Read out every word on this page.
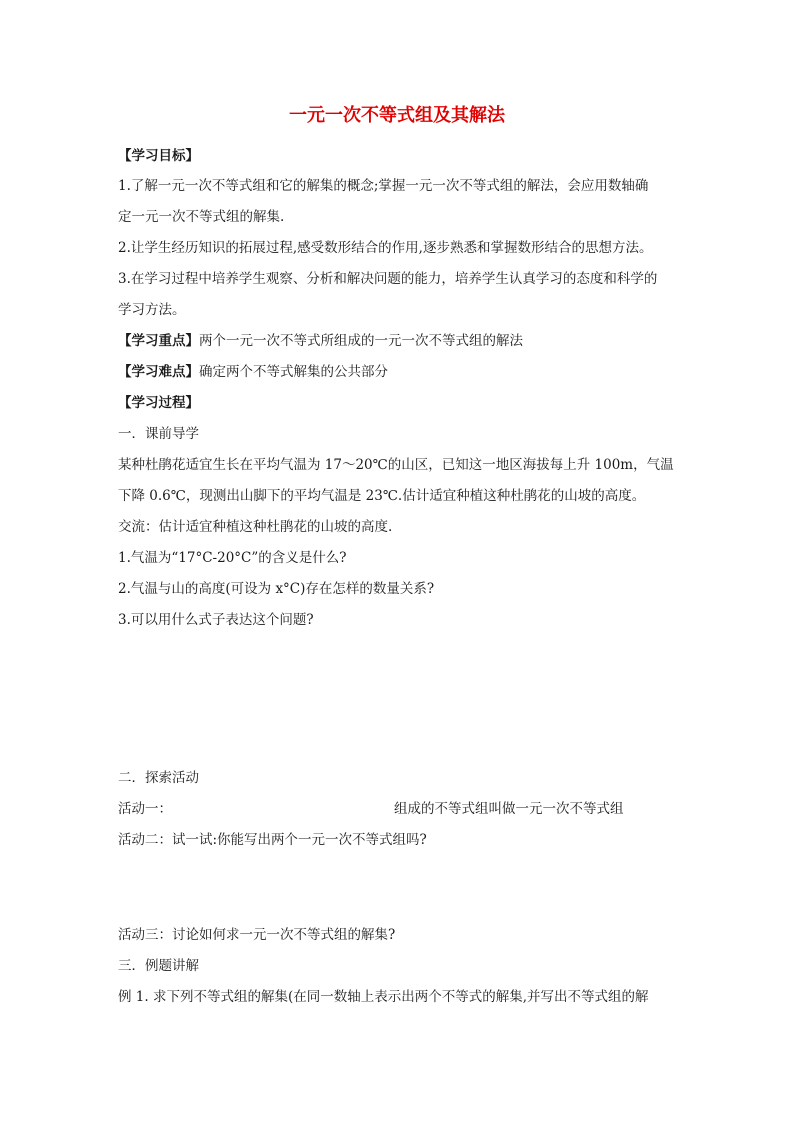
一元一次不等式组及其解法
【学习目标】
1.了解一元一次不等式组和它的解集的概念;掌握一元一次不等式组的解法，会应用数轴确
定一元一次不等式组的解集.
2.让学生经历知识的拓展过程,感受数形结合的作用,逐步熟悉和掌握数形结合的思想方法。
3.在学习过程中培养学生观察、分析和解决问题的能力，培养学生认真学习的态度和科学的
学习方法。
【学习重点】两个一元一次不等式所组成的一元一次不等式组的解法
【学习难点】确定两个不等式解集的公共部分
【学习过程】
一．课前导学
某种杜鹃花适宜生长在平均气温为 17～20℃的山区，已知这一地区海拔每上升 100m，气温
下降 0.6℃，现测出山脚下的平均气温是 23℃.估计适宜种植这种杜鹃花的山坡的高度。
交流：估计适宜种植这种杜鹃花的山坡的高度.
1.气温为“17°C-20°C”的含义是什么?
2.气温与山的高度(可设为 x°C)存在怎样的数量关系?
3.可以用什么式子表达这个问题?
二．探索活动
活动一：	组成的不等式组叫做一元一次不等式组
活动二：试一试:你能写出两个一元一次不等式组吗?
活动三：讨论如何求一元一次不等式组的解集?
三．例题讲解
例 1. 求下列不等式组的解集(在同一数轴上表示出两个不等式的解集,并写出不等式组的解
